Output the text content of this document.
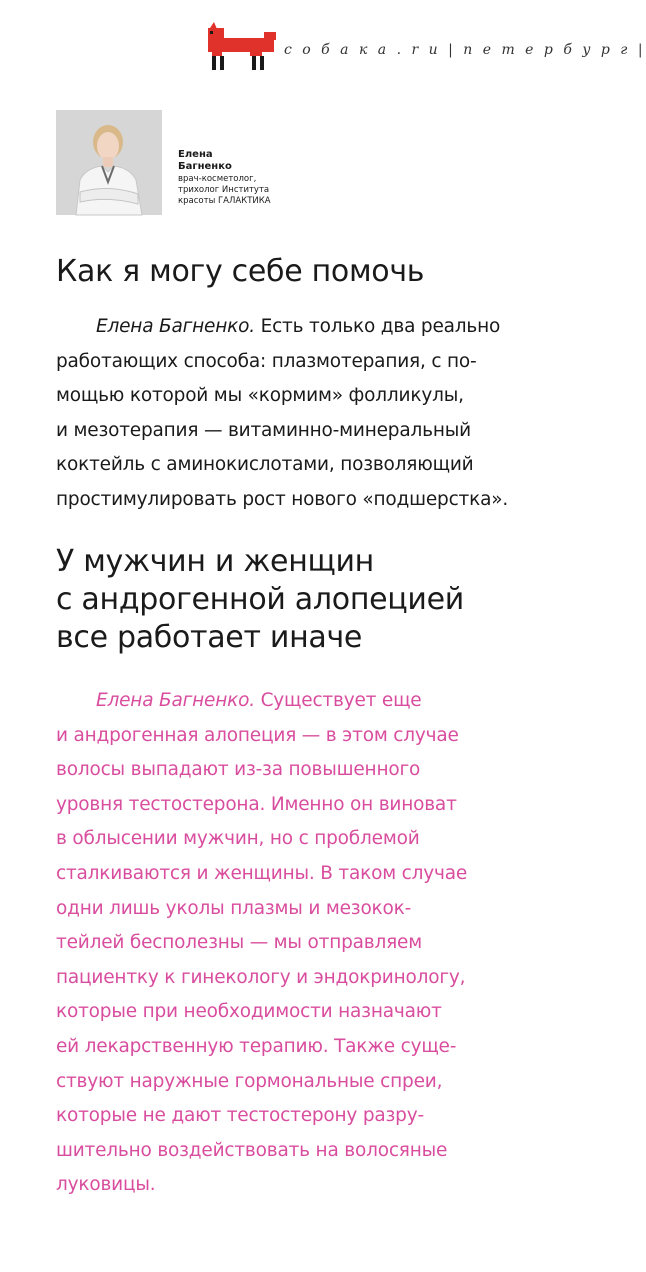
с о б а к а . r u | п е т е р б у р г |
Елена
Багненко
врач-косметолог,
трихолог Института
красоты ГАЛАКТИКА
Как я могу себе помочь
Елена Багненко. Есть только два реально
работающих способа: плазмотерапия, с по-
мощью которой мы «кормим» фолликулы,
и мезотерапия — витаминно-минеральный
коктейль с аминокислотами, позволяющий
простимулировать рост нового «подшерстка».
У мужчин и женщин
с андрогенной алопецией
все работает иначе
Елена Багненко. Существует еще
и андрогенная алопеция — в этом случае
волосы выпадают из-за повышенного
уровня тестостерона. Именно он виноват
в облысении мужчин, но с проблемой
сталкиваются и женщины. В таком случае
одни лишь уколы плазмы и мезокок-
тейлей бесполезны — мы отправляем
пациентку к гинекологу и эндокринологу,
которые при необходимости назначают
ей лекарственную терапию. Также суще-
ствуют наружные гормональные спреи,
которые не дают тестостерону разру-
шительно воздействовать на волосяные
луковицы.
